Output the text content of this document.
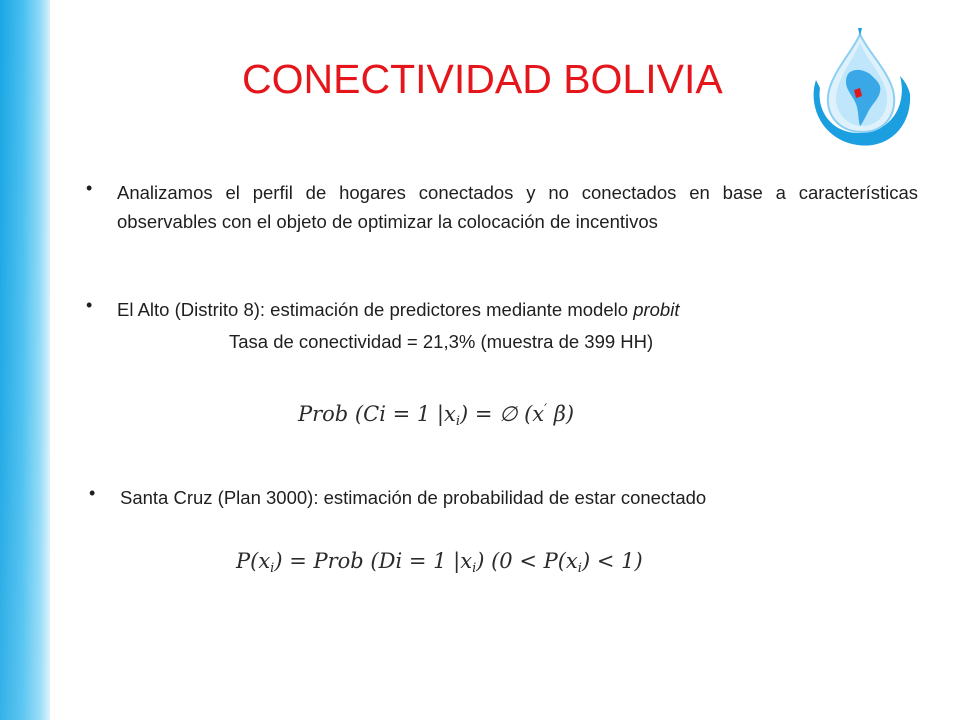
CONECTIVIDAD BOLIVIA
• Analizamos el perfil de hogares conectados y no conectados en base a características observables con el objeto de optimizar la colocación de incentivos
• El Alto (Distrito 8): estimación de predictores mediante modelo probit
Tasa de conectividad = 21,3% (muestra de 399 HH)
Prob (Ci = 1 $|x_i$) = ∅ (x′ β)
• Santa Cruz (Plan 3000): estimación de probabilidad de estar conectado
$P(x_i)$ = Prob (Di = 1 $|x_i$) $(0 < P(x_i) < 1)$
